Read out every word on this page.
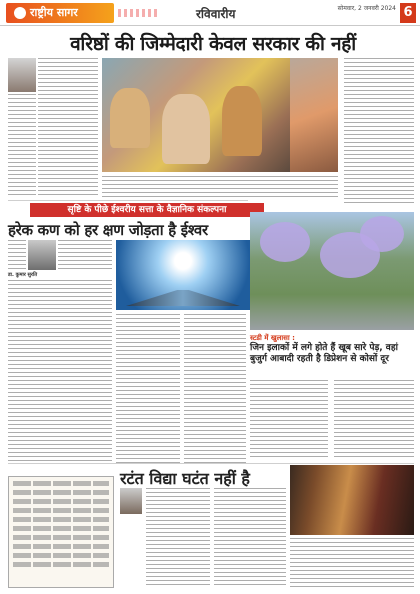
राष्ट्रीय सागर	रविवारीय	सोमवार, 2 जनवरी 2024 6
वरिष्ठों की जिम्मेदारी केवल सरकार की नहीं
सृष्टि के पीछे ईश्वरीय सत्ता के वैज्ञानिक संकल्पना
हरेक कण को हर क्षण जोड़ता है ईश्वर
डा. कुमार सुरति
स्टडी में खुलासा :
जिन इलाकों में लगे होते हैं खूब सारे पेड़, वहां बुजुर्ग आबादी रहती है डिप्रेशन से कोसों दूर
रटंत विद्या घटंत नहीं है
